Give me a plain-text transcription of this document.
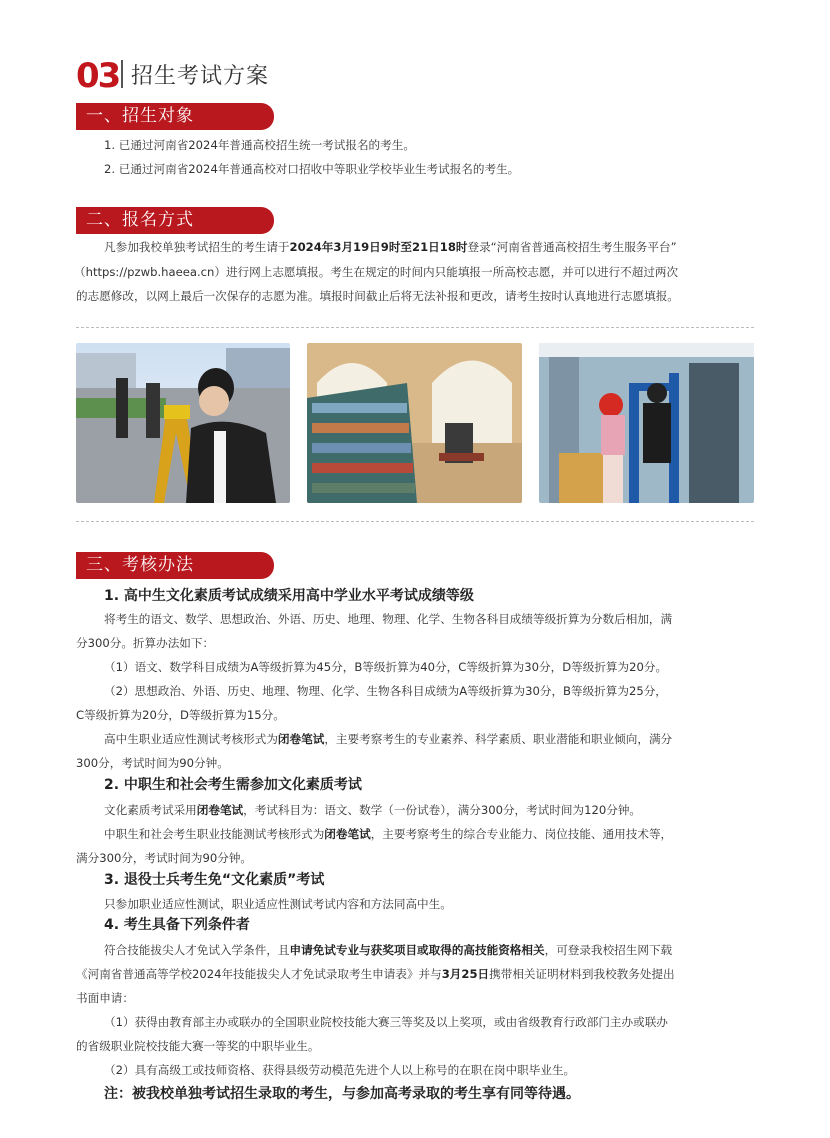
03 招生考试方案
一、招生对象
1. 已通过河南省2024年普通高校招生统一考试报名的考生。
2. 已通过河南省2024年普通高校对口招收中等职业学校毕业生考试报名的考生。
二、报名方式
凡参加我校单独考试招生的考生请于2024年3月19日9时至21日18时登录“河南省普通高校招生考生服务平台”
（https://pzwb.haeea.cn）进行网上志愿填报。考生在规定的时间内只能填报一所高校志愿，并可以进行不超过两次
的志愿修改，以网上最后一次保存的志愿为准。填报时间截止后将无法补报和更改，请考生按时认真地进行志愿填报。
三、考核办法
1. 高中生文化素质考试成绩采用高中学业水平考试成绩等级
将考生的语文、数学、思想政治、外语、历史、地理、物理、化学、生物各科目成绩等级折算为分数后相加，满
分300分。折算办法如下：
（1）语文、数学科目成绩为A等级折算为45分，B等级折算为40分，C等级折算为30分，D等级折算为20分。
（2）思想政治、外语、历史、地理、物理、化学、生物各科目成绩为A等级折算为30分，B等级折算为25分，
C等级折算为20分，D等级折算为15分。
高中生职业适应性测试考核形式为闭卷笔试，主要考察考生的专业素养、科学素质、职业潜能和职业倾向，满分
300分，考试时间为90分钟。
2. 中职生和社会考生需参加文化素质考试
文化素质考试采用闭卷笔试，考试科目为：语文、数学（一份试卷），满分300分，考试时间为120分钟。
中职生和社会考生职业技能测试考核形式为闭卷笔试，主要考察考生的综合专业能力、岗位技能、通用技术等，
满分300分，考试时间为90分钟。
3. 退役士兵考生免“文化素质”考试
只参加职业适应性测试，职业适应性测试考试内容和方法同高中生。
4. 考生具备下列条件者
符合技能拔尖人才免试入学条件，且申请免试专业与获奖项目或取得的高技能资格相关，可登录我校招生网下载
《河南省普通高等学校2024年技能拔尖人才免试录取考生申请表》并与3月25日携带相关证明材料到我校教务处提出
书面申请：
（1）获得由教育部主办或联办的全国职业院校技能大赛三等奖及以上奖项，或由省级教育行政部门主办或联办
的省级职业院校技能大赛一等奖的中职毕业生。
（2）具有高级工或技师资格、获得县级劳动模范先进个人以上称号的在职在岗中职毕业生。
注：被我校单独考试招生录取的考生，与参加高考录取的考生享有同等待遇。
